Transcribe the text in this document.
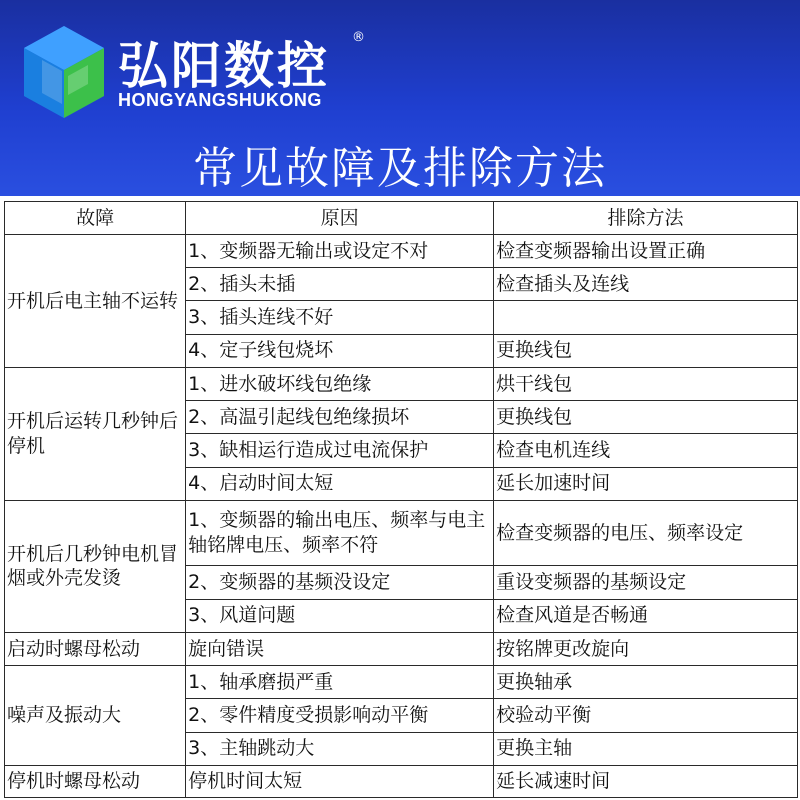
弘阳数控 ®
HONGYANGSHUKONG
常见故障及排除方法
故障	原因	排除方法
开机后电主轴不运转	1、变频器无输出或设定不对	检查变频器输出设置正确
	2、插头未插	检查插头及连线
	3、插头连线不好	
	4、定子线包烧坏	更换线包
开机后运转几秒钟后停机	1、进水破坏线包绝缘	烘干线包
	2、高温引起线包绝缘损坏	更换线包
	3、缺相运行造成过电流保护	检查电机连线
	4、启动时间太短	延长加速时间
开机后几秒钟电机冒烟或外壳发烫	1、变频器的输出电压、频率与电主轴铭牌电压、频率不符	检查变频器的电压、频率设定
	2、变频器的基频没设定	重设变频器的基频设定
	3、风道问题	检查风道是否畅通
启动时螺母松动	旋向错误	按铭牌更改旋向
噪声及振动大	1、轴承磨损严重	更换轴承
	2、零件精度受损影响动平衡	校验动平衡
	3、主轴跳动大	更换主轴
停机时螺母松动	停机时间太短	延长减速时间
